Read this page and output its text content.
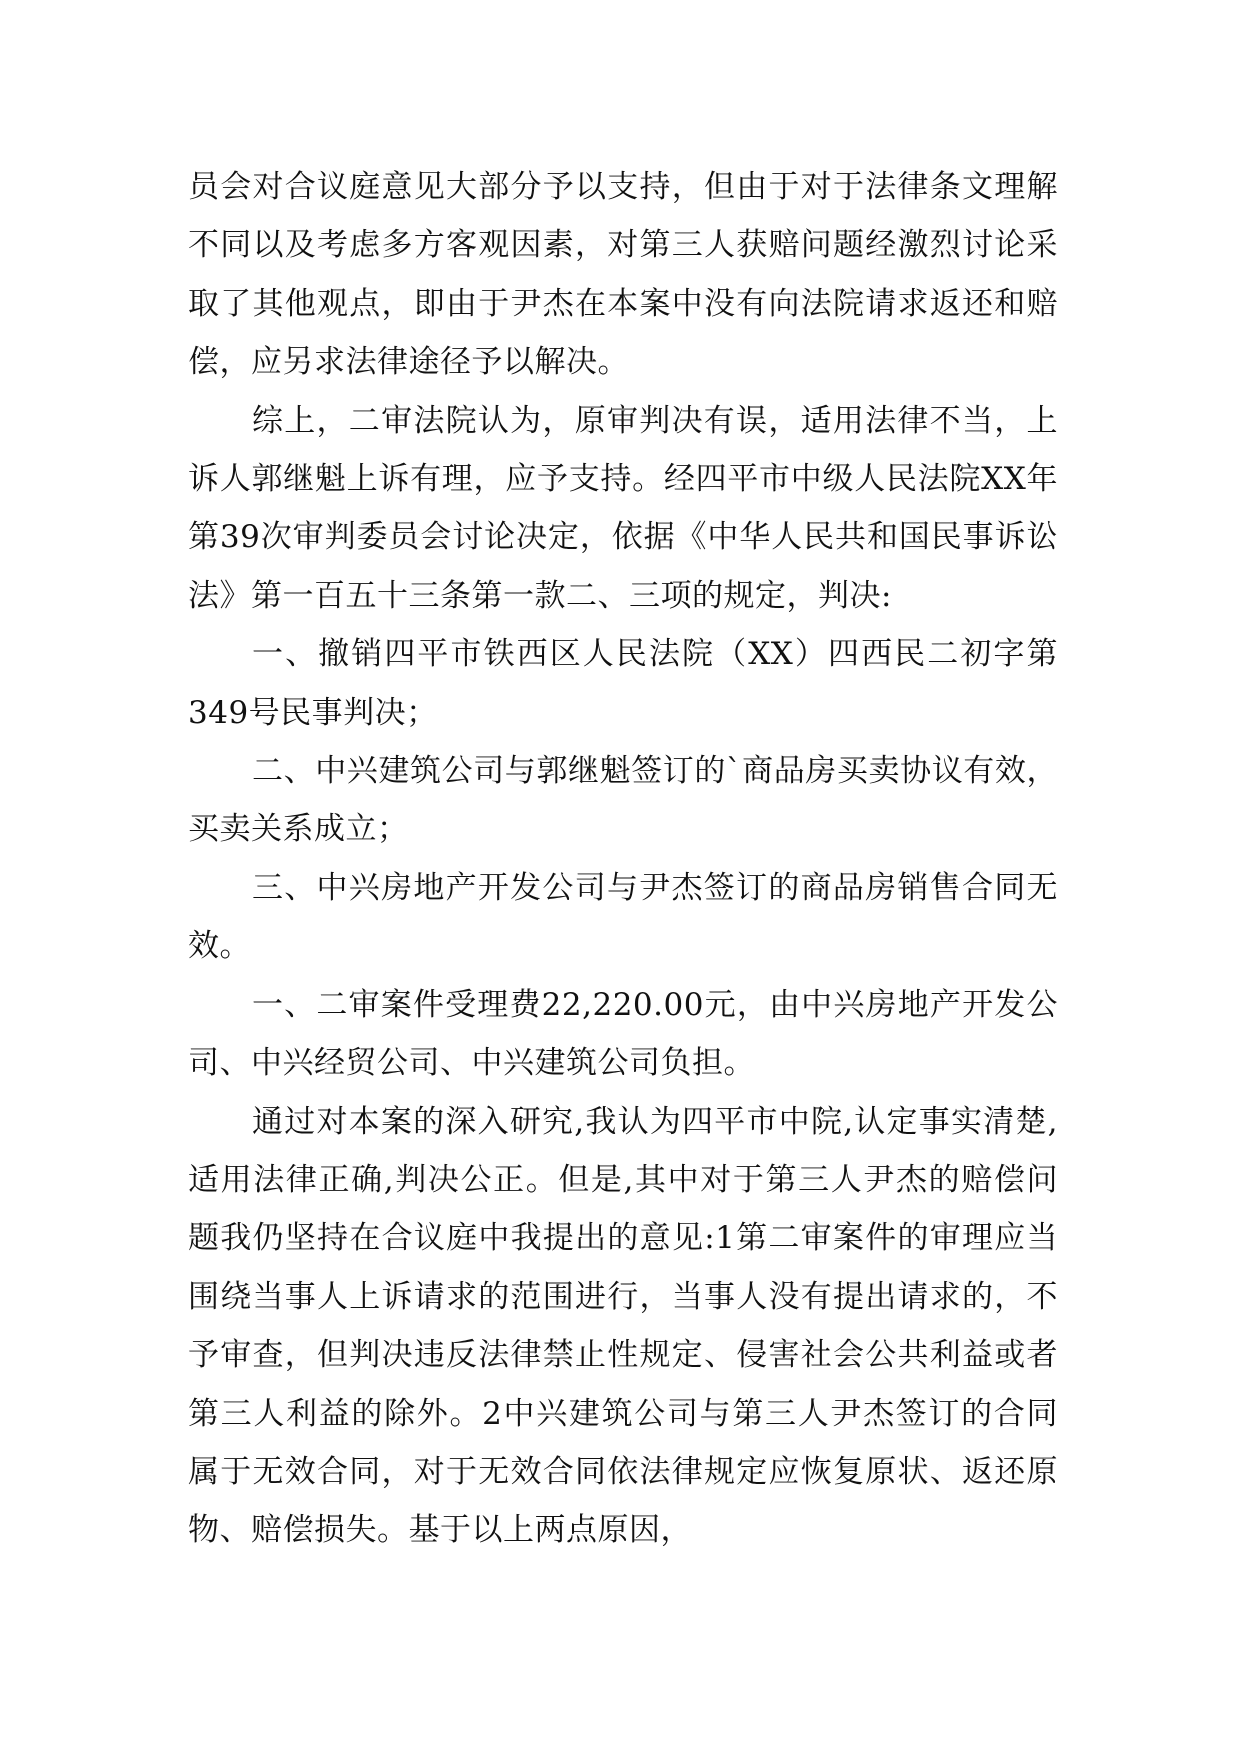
员会对合议庭意见大部分予以支持，但由于对于法律条文理解不同以及考虑多方客观因素，对第三人获赔问题经激烈讨论采取了其他观点，即由于尹杰在本案中没有向法院请求返还和赔偿，应另求法律途径予以解决。

综上，二审法院认为，原审判决有误，适用法律不当，上诉人郭继魁上诉有理，应予支持。经四平市中级人民法院XX年第39次审判委员会讨论决定，依据《中华人民共和国民事诉讼法》第一百五十三条第一款二、三项的规定，判决:

一、撤销四平市铁西区人民法院（XX）四西民二初字第349号民事判决；

二、中兴建筑公司与郭继魁签订的`商品房买卖协议有效，买卖关系成立；

三、中兴房地产开发公司与尹杰签订的商品房销售合同无效。

一、二审案件受理费22,220.00元，由中兴房地产开发公司、中兴经贸公司、中兴建筑公司负担。

通过对本案的深入研究,我认为四平市中院,认定事实清楚,适用法律正确,判决公正。但是,其中对于第三人尹杰的赔偿问题我仍坚持在合议庭中我提出的意见:1第二审案件的审理应当围绕当事人上诉请求的范围进行，当事人没有提出请求的，不予审查，但判决违反法律禁止性规定、侵害社会公共利益或者第三人利益的除外。2中兴建筑公司与第三人尹杰签订的合同属于无效合同，对于无效合同依法律规定应恢复原状、返还原物、赔偿损失。基于以上两点原因，
